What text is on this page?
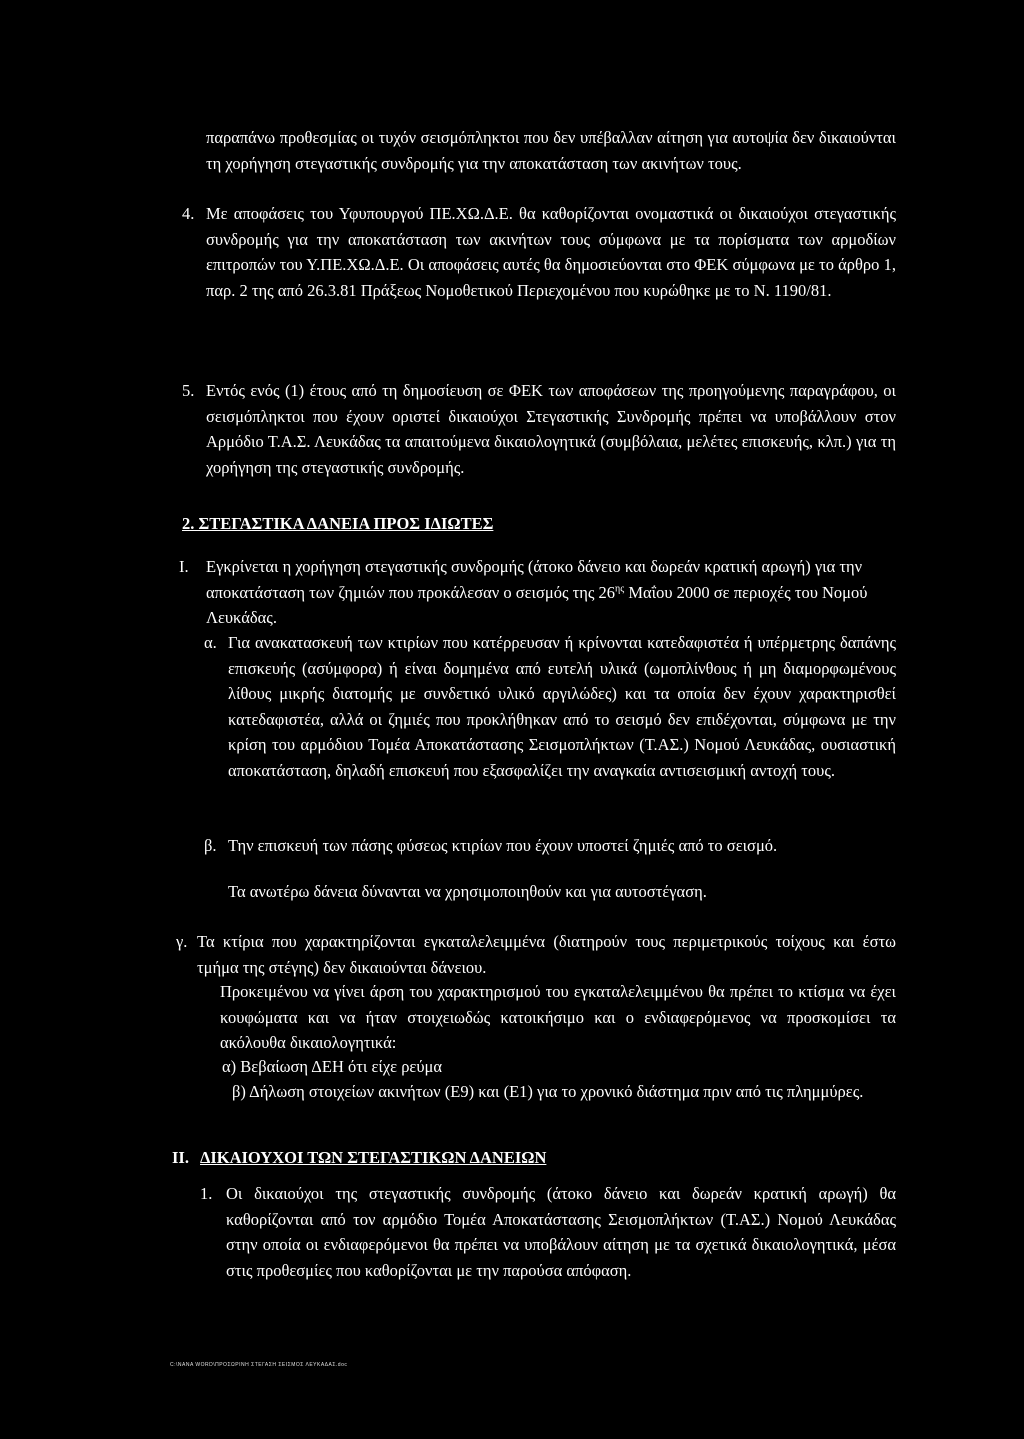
παραπάνω προθεσμίας οι τυχόν σεισμόπληκτοι που δεν υπέβαλλαν αίτηση για αυτοψία δεν δικαιούνται τη χορήγηση στεγαστικής συνδρομής για την αποκατάσταση των ακινήτων τους.

4. Με αποφάσεις του Υφυπουργού ΠΕ.ΧΩ.Δ.Ε. θα καθορίζονται ονομαστικά οι δικαιούχοι στεγαστικής συνδρομής για την αποκατάσταση των ακινήτων τους σύμφωνα με τα πορίσματα των αρμοδίων επιτροπών του Υ.ΠΕ.ΧΩ.Δ.Ε. Οι αποφάσεις αυτές θα δημοσιεύονται στο ΦΕΚ σύμφωνα με το άρθρο 1, παρ. 2 της από 26.3.81 Πράξεως Νομοθετικού Περιεχομένου που κυρώθηκε με το Ν. 1190/81.

5. Εντός ενός (1) έτους από τη δημοσίευση σε ΦΕΚ των αποφάσεων της προηγούμενης παραγράφου, οι σεισμόπληκτοι που έχουν οριστεί δικαιούχοι Στεγαστικής Συνδρομής πρέπει να υποβάλλουν στον Αρμόδιο Τ.Α.Σ. Λευκάδας τα απαιτούμενα δικαιολογητικά (συμβόλαια, μελέτες επισκευής, κλπ.) για τη χορήγηση της στεγαστικής συνδρομής.

2. ΣΤΕΓΑΣΤΙΚΑ ΔΑΝΕΙΑ ΠΡΟΣ ΙΔΙΩΤΕΣ

I. Εγκρίνεται η χορήγηση στεγαστικής συνδρομής (άτοκο δάνειο και δωρεάν κρατική αρωγή) για την αποκατάσταση των ζημιών που προκάλεσαν ο σεισμός της $26^{\eta\varsigma}$ Μαΐου 2000 σε περιοχές του Νομού Λευκάδας.

α. Για ανακατασκευή των κτιρίων που κατέρρευσαν ή κρίνονται κατεδαφιστέα ή υπέρμετρης δαπάνης επισκευής (ασύμφορα) ή είναι δομημένα από ευτελή υλικά (ωμοπλίνθους ή μη διαμορφωμένους λίθους μικρής διατομής με συνδετικό υλικό αργιλώδες) και τα οποία δεν έχουν χαρακτηρισθεί κατεδαφιστέα, αλλά οι ζημιές που προκλήθηκαν από το σεισμό δεν επιδέχονται, σύμφωνα με την κρίση του αρμόδιου Τομέα Αποκατάστασης Σεισμοπλήκτων (Τ.ΑΣ.) Νομού Λευκάδας, ουσιαστική αποκατάσταση, δηλαδή επισκευή που εξασφαλίζει την αναγκαία αντισεισμική αντοχή τους.

β. Την επισκευή των πάσης φύσεως κτιρίων που έχουν υποστεί ζημιές από το σεισμό.

Τα ανωτέρω δάνεια δύνανται να χρησιμοποιηθούν και για αυτοστέγαση.

γ. Τα κτίρια που χαρακτηρίζονται εγκαταλελειμμένα (διατηρούν τους περιμετρικούς τοίχους και έστω τμήμα της στέγης) δεν δικαιούνται δάνειου.

Προκειμένου να γίνει άρση του χαρακτηρισμού του εγκαταλελειμμένου θα πρέπει το κτίσμα να έχει κουφώματα και να ήταν στοιχειωδώς κατοικήσιμο και ο ενδιαφερόμενος να προσκομίσει τα ακόλουθα δικαιολογητικά:

α) Βεβαίωση ΔΕΗ ότι είχε ρεύμα

β) Δήλωση στοιχείων ακινήτων (Ε9) και (Ε1) για το χρονικό διάστημα πριν από τις πλημμύρες.

II. ΔΙΚΑΙΟΥΧΟΙ ΤΩΝ ΣΤΕΓΑΣΤΙΚΩΝ ΔΑΝΕΙΩΝ

1. Οι δικαιούχοι της στεγαστικής συνδρομής (άτοκο δάνειο και δωρεάν κρατική αρωγή) θα καθορίζονται από τον αρμόδιο Τομέα Αποκατάστασης Σεισμοπλήκτων (Τ.ΑΣ.) Νομού Λευκάδας στην οποία οι ενδιαφερόμενοι θα πρέπει να υποβάλουν αίτηση με τα σχετικά δικαιολογητικά, μέσα στις προθεσμίες που καθορίζονται με την παρούσα απόφαση.

C:\NANA WORD\ΠΡΟΣΩΡΙΝΗ ΣΤΕΓΑΣΗ ΣΕΙΣΜΟΣ ΛΕΥΚΑΔΑΣ.doc
